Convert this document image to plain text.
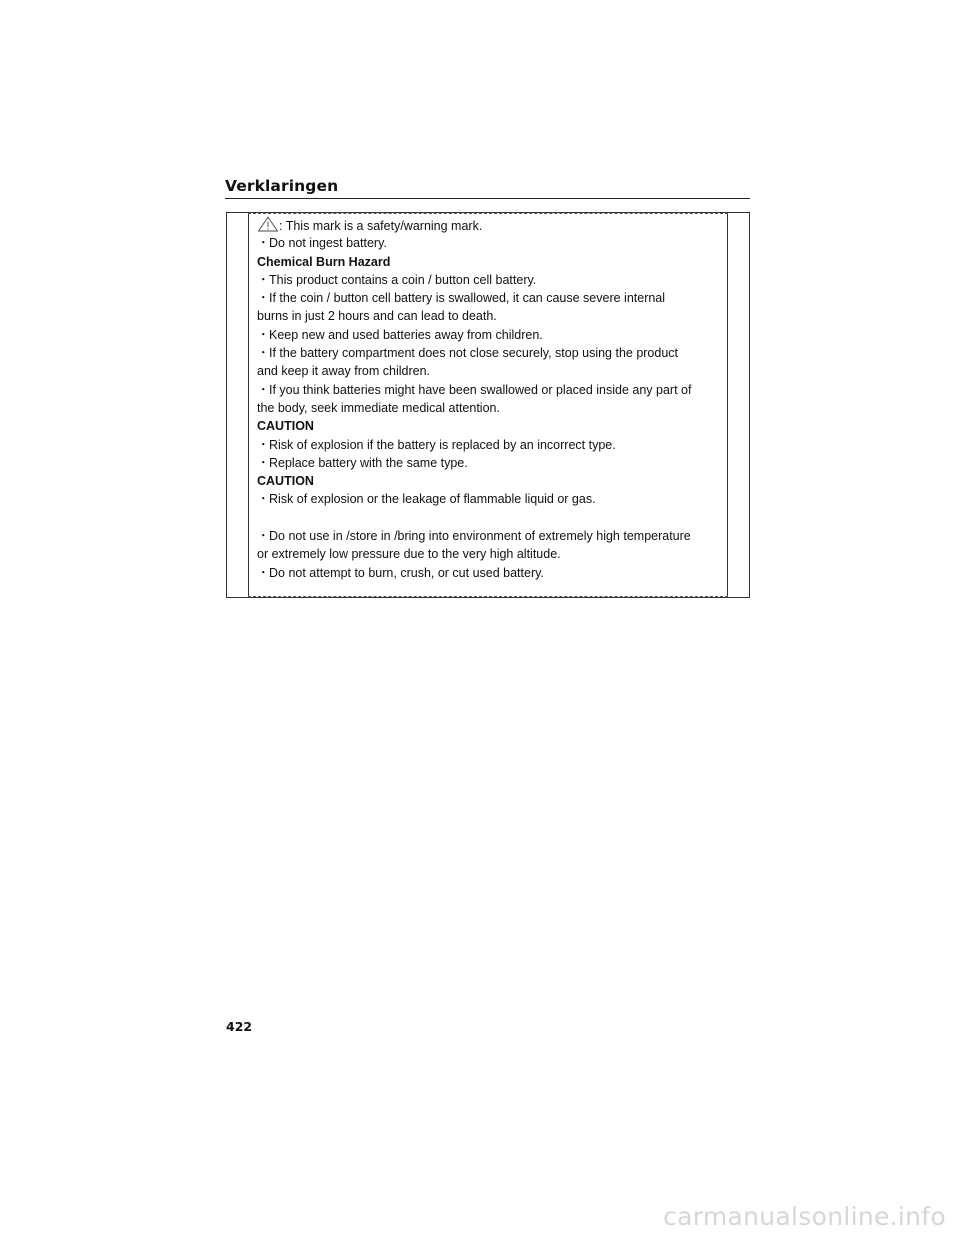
Verklaringen
: This mark is a safety/warning mark.
・Do not ingest battery.
Chemical Burn Hazard
・This product contains a coin / button cell battery.
・If the coin / button cell battery is swallowed, it can cause severe internal
burns in just 2 hours and can lead to death.
・Keep new and used batteries away from children.
・If the battery compartment does not close securely, stop using the product
and keep it away from children.
・If you think batteries might have been swallowed or placed inside any part of
the body, seek immediate medical attention.
CAUTION
・Risk of explosion if the battery is replaced by an incorrect type.
・Replace battery with the same type.
CAUTION
・Risk of explosion or the leakage of flammable liquid or gas.
・Do not use in /store in /bring into environment of extremely high temperature
or extremely low pressure due to the very high altitude.
・Do not attempt to burn, crush, or cut used battery.
422
carmanualsonline.info
